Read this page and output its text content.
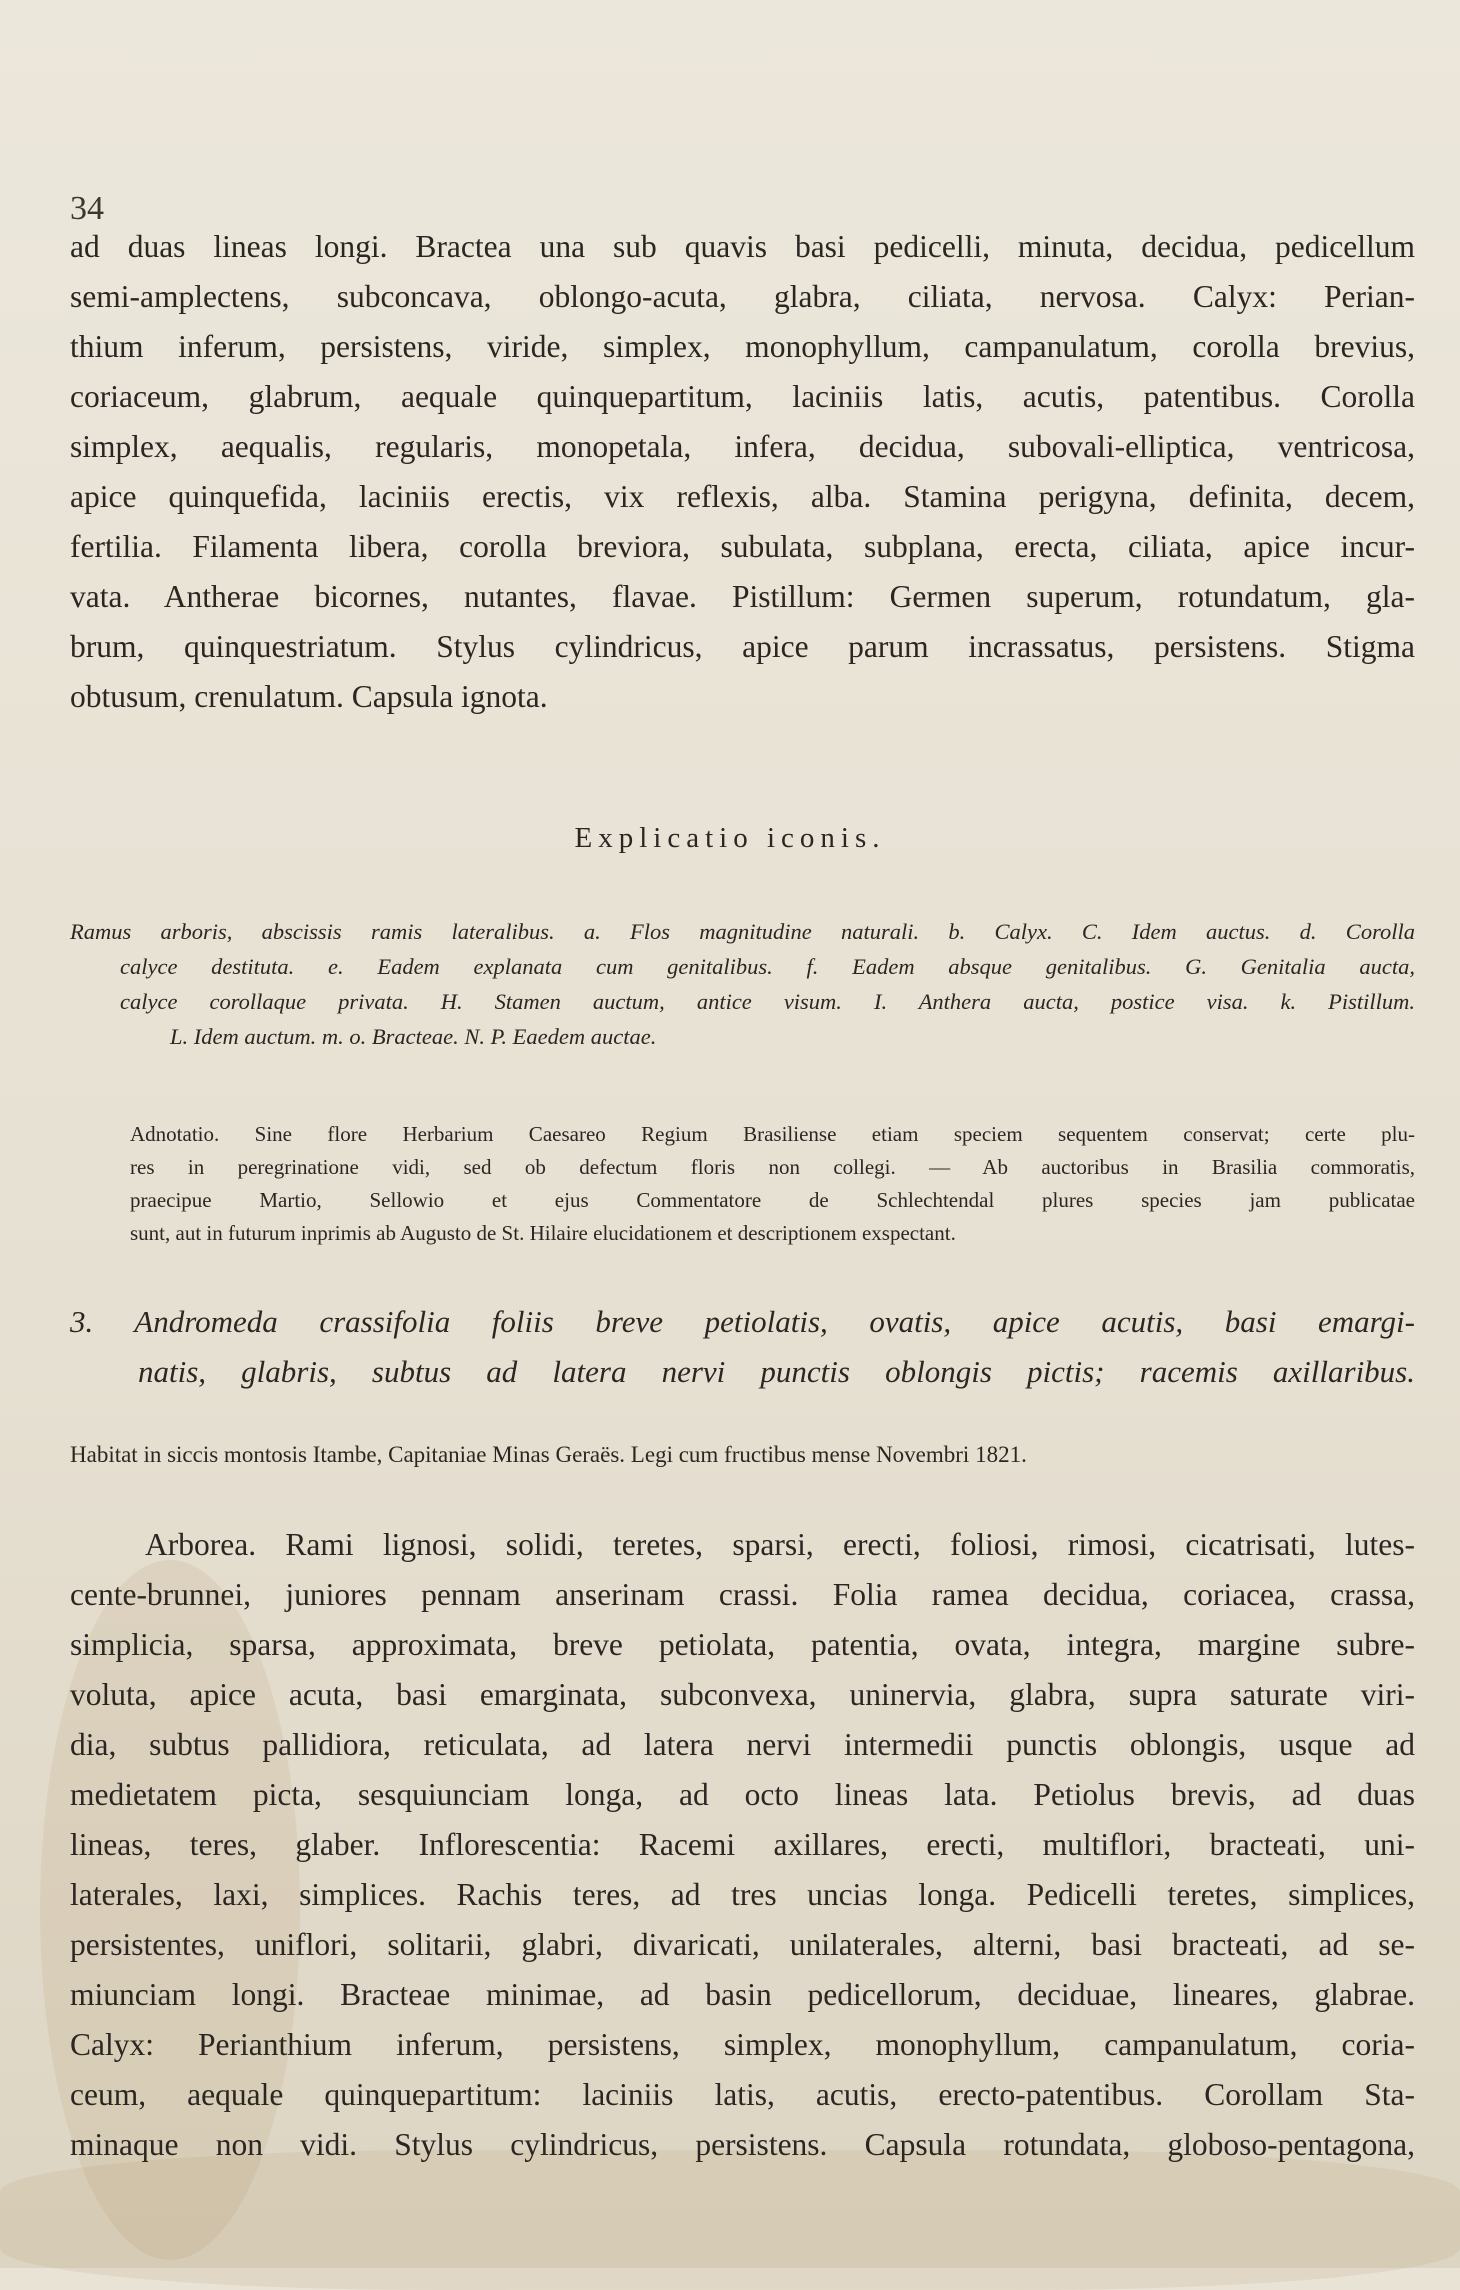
34
ad duas lineas longi. Bractea una sub quavis basi pedicelli, minuta, decidua, pedicellum
semi-amplectens, subconcava, oblongo-acuta, glabra, ciliata, nervosa. Calyx: Perian-
thium inferum, persistens, viride, simplex, monophyllum, campanulatum, corolla brevius,
coriaceum, glabrum, aequale quinquepartitum, laciniis latis, acutis, patentibus. Corolla
simplex, aequalis, regularis, monopetala, infera, decidua, subovali-elliptica, ventricosa,
apice quinquefida, laciniis erectis, vix reflexis, alba. Stamina perigyna, definita, decem,
fertilia. Filamenta libera, corolla breviora, subulata, subplana, erecta, ciliata, apice incur-
vata. Antherae bicornes, nutantes, flavae. Pistillum: Germen superum, rotundatum, gla-
brum, quinquestriatum. Stylus cylindricus, apice parum incrassatus, persistens. Stigma
obtusum, crenulatum. Capsula ignota.
Explicatio iconis.
Ramus arboris, abscissis ramis lateralibus. a. Flos magnitudine naturali. b. Calyx. C. Idem auctus. d. Corolla
calyce destituta. e. Eadem explanata cum genitalibus. f. Eadem absque genitalibus. G. Genitalia aucta,
calyce corollaque privata. H. Stamen auctum, antice visum. I. Anthera aucta, postice visa. k. Pistillum.
L. Idem auctum. m. o. Bracteae. N. P. Eaedem auctae.
Adnotatio. Sine flore Herbarium Caesareo Regium Brasiliense etiam speciem sequentem conservat; certe plu-
res in peregrinatione vidi, sed ob defectum floris non collegi. — Ab auctoribus in Brasilia commoratis,
praecipue Martio, Sellowio et ejus Commentatore de Schlechtendal plures species jam publicatae
sunt, aut in futurum inprimis ab Augusto de St. Hilaire elucidationem et descriptionem exspectant.
3. Andromeda crassifolia foliis breve petiolatis, ovatis, apice acutis, basi emargi-
natis, glabris, subtus ad latera nervi punctis oblongis pictis; racemis axillaribus.
Habitat in siccis montosis Itambe, Capitaniae Minas Geraës. Legi cum fructibus mense Novembri 1821.
Arborea. Rami lignosi, solidi, teretes, sparsi, erecti, foliosi, rimosi, cicatrisati, lutes-
cente-brunnei, juniores pennam anserinam crassi. Folia ramea decidua, coriacea, crassa,
simplicia, sparsa, approximata, breve petiolata, patentia, ovata, integra, margine subre-
voluta, apice acuta, basi emarginata, subconvexa, uninervia, glabra, supra saturate viri-
dia, subtus pallidiora, reticulata, ad latera nervi intermedii punctis oblongis, usque ad
medietatem picta, sesquiunciam longa, ad octo lineas lata. Petiolus brevis, ad duas
lineas, teres, glaber. Inflorescentia: Racemi axillares, erecti, multiflori, bracteati, uni-
laterales, laxi, simplices. Rachis teres, ad tres uncias longa. Pedicelli teretes, simplices,
persistentes, uniflori, solitarii, glabri, divaricati, unilaterales, alterni, basi bracteati, ad se-
miunciam longi. Bracteae minimae, ad basin pedicellorum, deciduae, lineares, glabrae.
Calyx: Perianthium inferum, persistens, simplex, monophyllum, campanulatum, coria-
ceum, aequale quinquepartitum: laciniis latis, acutis, erecto-patentibus. Corollam Sta-
minaque non vidi. Stylus cylindricus, persistens. Capsula rotundata, globoso-pentagona,
